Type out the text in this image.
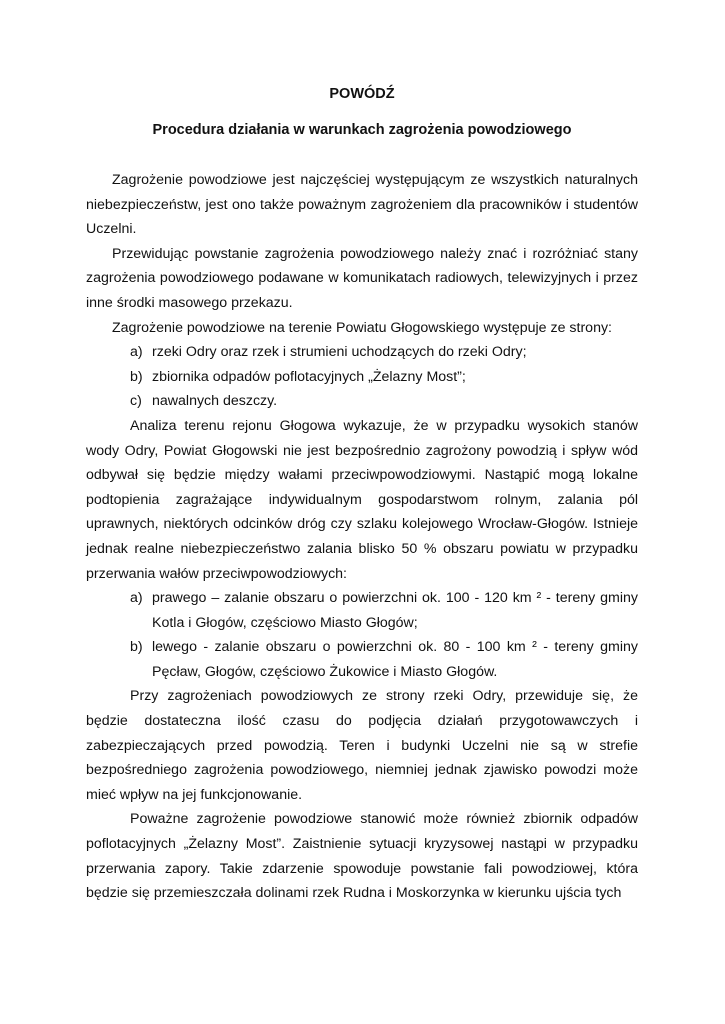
POWÓDŹ

Procedura działania w warunkach zagrożenia powodziowego

Zagrożenie powodziowe jest najczęściej występującym ze wszystkich naturalnych niebezpieczeństw, jest ono także poważnym zagrożeniem dla pracowników i studentów Uczelni.

Przewidując powstanie zagrożenia powodziowego należy znać i rozróżniać stany zagrożenia powodziowego podawane w komunikatach radiowych, telewizyjnych i przez inne środki masowego przekazu.

Zagrożenie powodziowe na terenie Powiatu Głogowskiego występuje ze strony:

a) rzeki Odry oraz rzek i strumieni uchodzących do rzeki Odry;

b) zbiornika odpadów poflotacyjnych „Żelazny Most”;

c) nawalnych deszczy.

Analiza terenu rejonu Głogowa wykazuje, że w przypadku wysokich stanów wody Odry, Powiat Głogowski nie jest bezpośrednio zagrożony powodzią i spływ wód odbywał się będzie między wałami przeciwpowodziowymi. Nastąpić mogą lokalne podtopienia zagrażające indywidualnym gospodarstwom rolnym, zalania pól uprawnych, niektórych odcinków dróg czy szlaku kolejowego Wrocław-Głogów. Istnieje jednak realne niebezpieczeństwo zalania blisko 50 % obszaru powiatu w przypadku przerwania wałów przeciwpowodziowych:

a) prawego – zalanie obszaru o powierzchni ok. 100 - 120 km ² - tereny gminy Kotla i Głogów, częściowo Miasto Głogów;

b) lewego - zalanie obszaru o powierzchni ok. 80 - 100 km ² - tereny gminy Pęcław, Głogów, częściowo Żukowice i Miasto Głogów.

Przy zagrożeniach powodziowych ze strony rzeki Odry, przewiduje się, że będzie dostateczna ilość czasu do podjęcia działań przygotowawczych i zabezpieczających przed powodzią. Teren i budynki Uczelni nie są w strefie bezpośredniego zagrożenia powodziowego, niemniej jednak zjawisko powodzi może mieć wpływ na jej funkcjonowanie.

Poważne zagrożenie powodziowe stanowić może również zbiornik odpadów poflotacyjnych „Żelazny Most”. Zaistnienie sytuacji kryzysowej nastąpi w przypadku przerwania zapory. Takie zdarzenie spowoduje powstanie fali powodziowej, która będzie się przemieszczała dolinami rzek Rudna i Moskorzynka w kierunku ujścia tych
